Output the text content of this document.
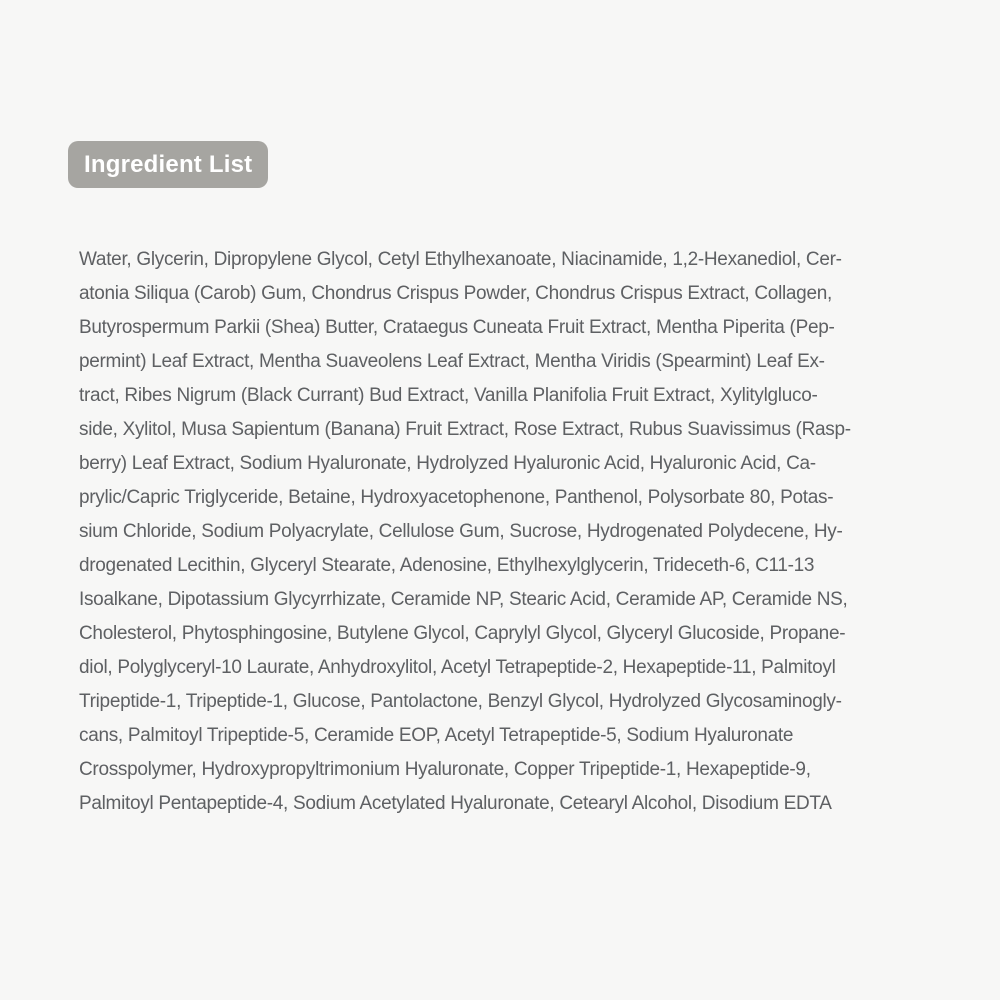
Ingredient List
Water, Glycerin, Dipropylene Glycol, Cetyl Ethylhexanoate, Niacinamide, 1,2-Hexanediol, Cer-
atonia Siliqua (Carob) Gum, Chondrus Crispus Powder, Chondrus Crispus Extract, Collagen,
Butyrospermum Parkii (Shea) Butter, Crataegus Cuneata Fruit Extract, Mentha Piperita (Pep-
permint) Leaf Extract, Mentha Suaveolens Leaf Extract, Mentha Viridis (Spearmint) Leaf Ex-
tract, Ribes Nigrum (Black Currant) Bud Extract, Vanilla Planifolia Fruit Extract, Xylitylgluco-
side, Xylitol, Musa Sapientum (Banana) Fruit Extract, Rose Extract, Rubus Suavissimus (Rasp-
berry) Leaf Extract, Sodium Hyaluronate, Hydrolyzed Hyaluronic Acid, Hyaluronic Acid, Ca-
prylic/Capric Triglyceride, Betaine, Hydroxyacetophenone, Panthenol, Polysorbate 80, Potas-
sium Chloride, Sodium Polyacrylate, Cellulose Gum, Sucrose, Hydrogenated Polydecene, Hy-
drogenated Lecithin, Glyceryl Stearate, Adenosine, Ethylhexylglycerin, Trideceth-6, C11-13
Isoalkane, Dipotassium Glycyrrhizate, Ceramide NP, Stearic Acid, Ceramide AP, Ceramide NS,
Cholesterol, Phytosphingosine, Butylene Glycol, Caprylyl Glycol, Glyceryl Glucoside, Propane-
diol, Polyglyceryl-10 Laurate, Anhydroxylitol, Acetyl Tetrapeptide-2, Hexapeptide-11, Palmitoyl
Tripeptide-1, Tripeptide-1, Glucose, Pantolactone, Benzyl Glycol, Hydrolyzed Glycosaminogly-
cans, Palmitoyl Tripeptide-5, Ceramide EOP, Acetyl Tetrapeptide-5, Sodium Hyaluronate
Crosspolymer, Hydroxypropyltrimonium Hyaluronate, Copper Tripeptide-1, Hexapeptide-9,
Palmitoyl Pentapeptide-4, Sodium Acetylated Hyaluronate, Cetearyl Alcohol, Disodium EDTA
